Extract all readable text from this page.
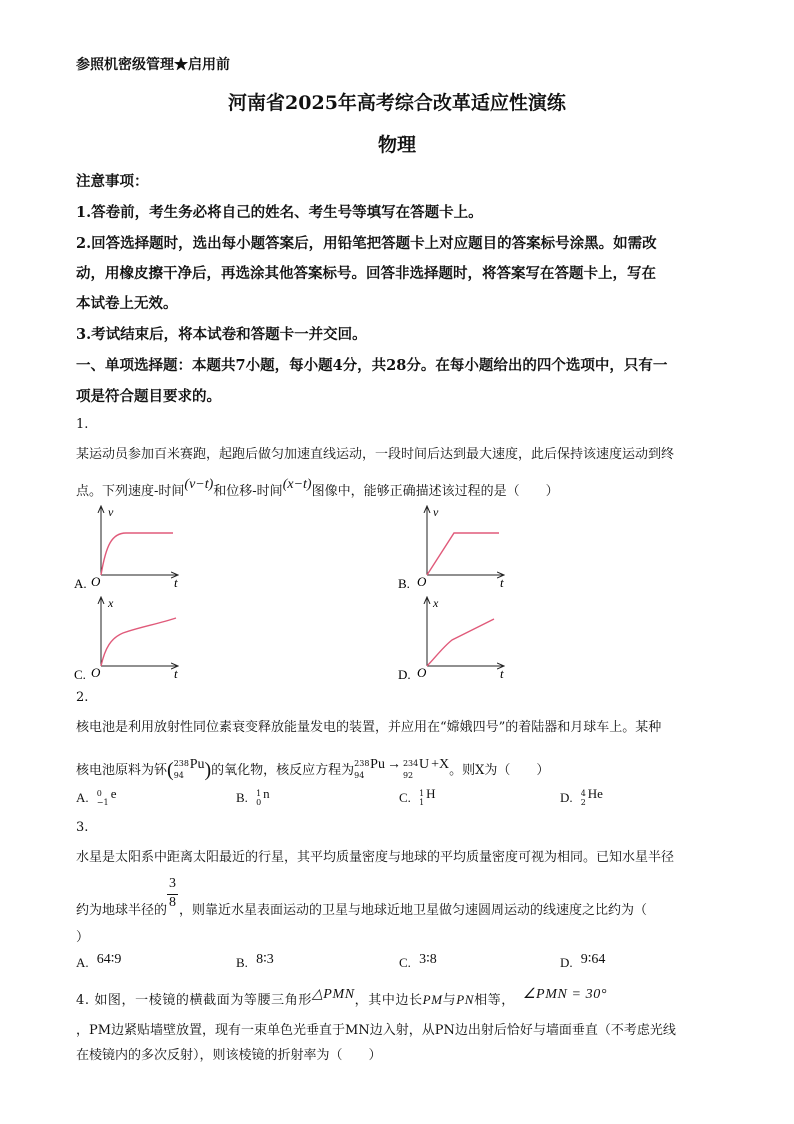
参照机密级管理★启用前
河南省2025年高考综合改革适应性演练
物理
注意事项：
1.答卷前，考生务必将自己的姓名、考生号等填写在答题卡上。
2.回答选择题时，选出每小题答案后，用铅笔把答题卡上对应题目的答案标号涂黑。如需改
动，用橡皮擦干净后，再选涂其他答案标号。回答非选择题时，将答案写在答题卡上，写在
本试卷上无效。
3.考试结束后，将本试卷和答题卡一并交回。
一、单项选择题：本题共7小题，每小题4分，共28分。在每小题给出的四个选项中，只有一
项是符合题目要求的。
1.
某运动员参加百米赛跑，起跑后做匀加速直线运动，一段时间后达到最大速度，此后保持该速度运动到终
点。下列速度-时间(v−t)和位移-时间(x−t)图像中，能够正确描述该过程的是（　　）
A.
v
O	t	B.
v
O	t
C.
x
O	t	D.
x
O	t
2.
核电池是利用放射性同位素衰变释放能量发电的装置，并应用在“嫦娥四号”的着陆器和月球车上。某种
核电池原料为钚( 238
94
Pu)的氧化物，核反应方程为 238
94
Pu → 234
92
U +X。则X为（　　）
A. 0
−1
e	B. 1
0
n	C. 1
1
H	D. 4
2
He
3.
水星是太阳系中距离太阳最近的行星，其平均质量密度与地球的平均质量密度可视为相同。已知水星半径
约为地球半径的 $\frac{3}{8}$ ，则靠近水星表面运动的卫星与地球近地卫星做匀速圆周运动的线速度之比约为（
）
A. 64∶9	B. 8∶3	C. 3∶8	D. 9∶64
4. 如图，一棱镜的横截面为等腰三角形△PMN，其中边长PM与PN相等， ∠PMN = 30°
，PM边紧贴墙壁放置，现有一束单色光垂直于MN边入射，从PN边出射后恰好与墙面垂直（不考虑光线
在棱镜内的多次反射），则该棱镜的折射率为（　　）
